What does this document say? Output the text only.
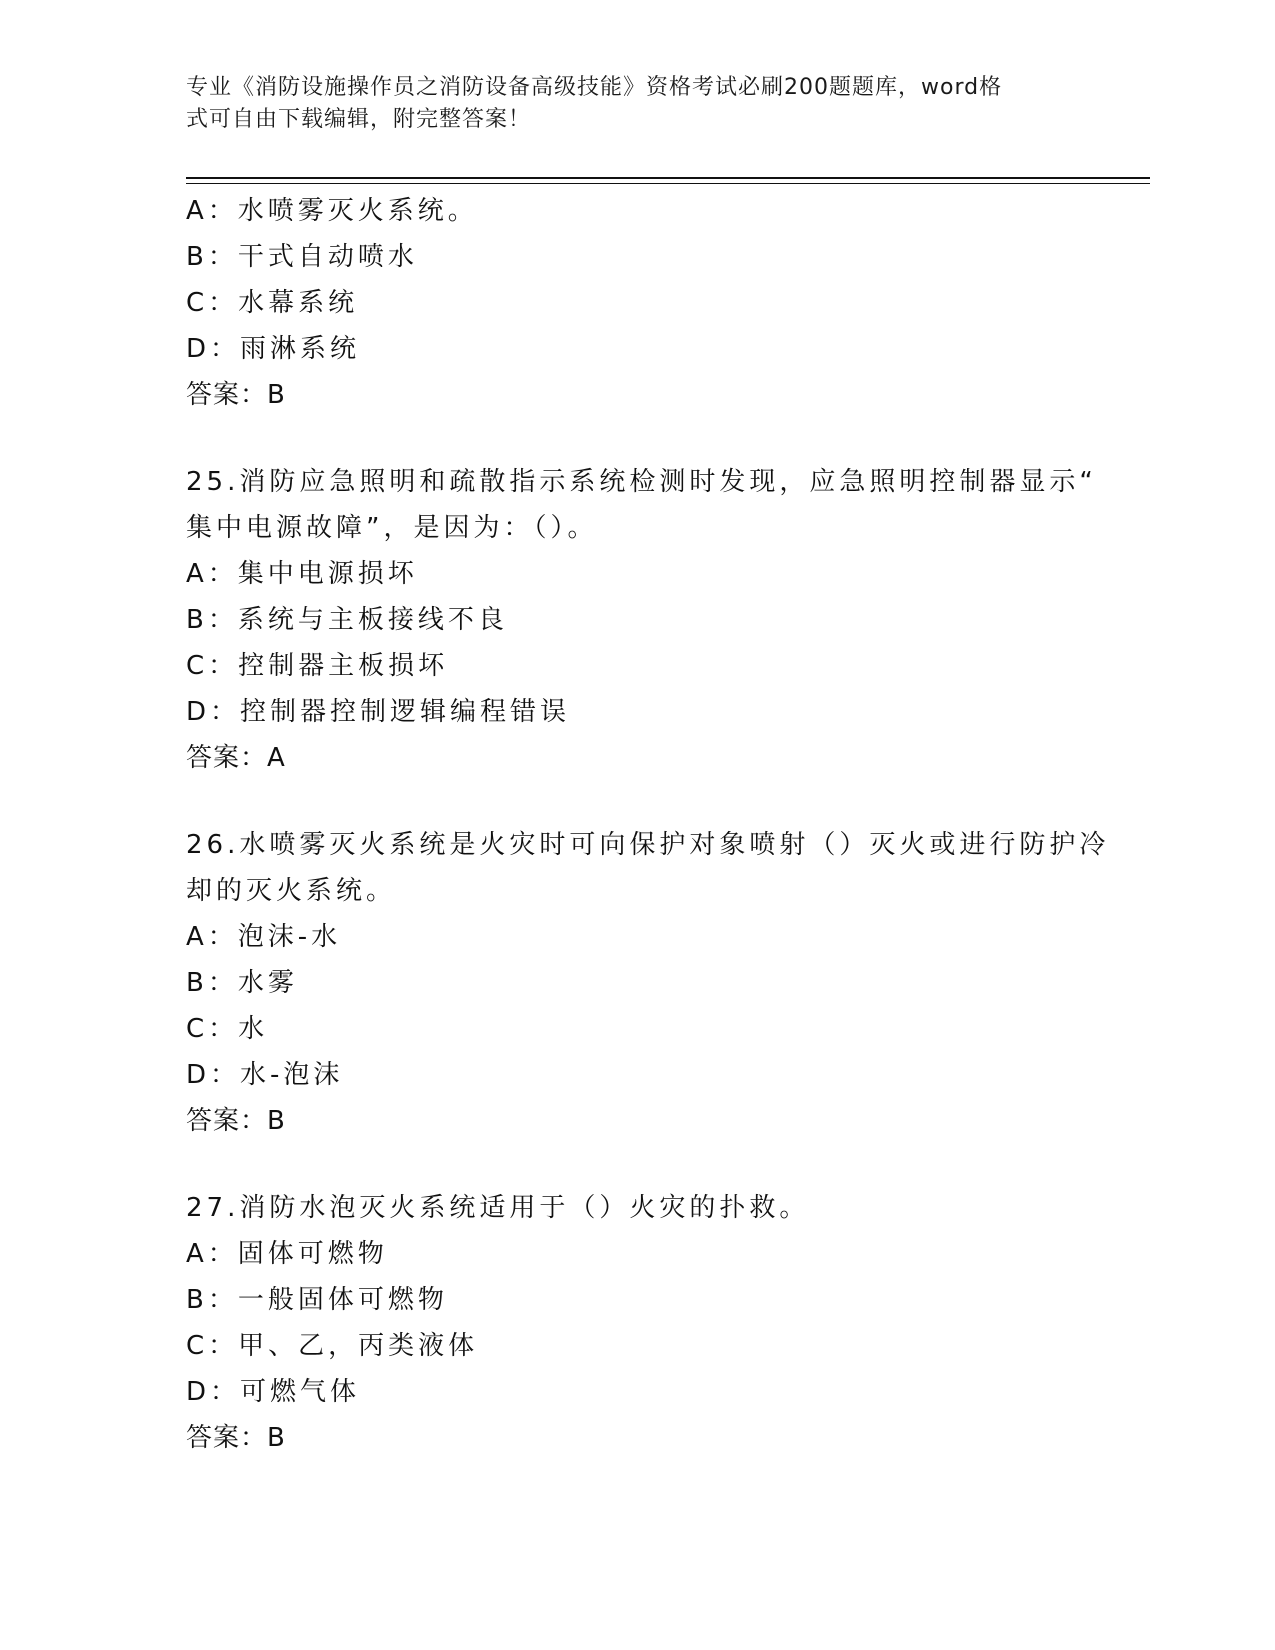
专业《消防设施操作员之消防设备高级技能》资格考试必刷200题题库，word格
式可自由下载编辑，附完整答案！
A：水喷雾灭火系统。
B：干式自动喷水
C：水幕系统
D：雨淋系统
答案：B
25.消防应急照明和疏散指示系统检测时发现，应急照明控制器显示“
集中电源故障”，是因为：（）。
A：集中电源损坏
B：系统与主板接线不良
C：控制器主板损坏
D：控制器控制逻辑编程错误
答案：A
26.水喷雾灭火系统是火灾时可向保护对象喷射（）灭火或进行防护冷
却的灭火系统。
A：泡沫-水
B：水雾
C：水
D：水-泡沫
答案：B
27.消防水泡灭火系统适用于（）火灾的扑救。
A：固体可燃物
B：一般固体可燃物
C：甲、乙，丙类液体
D：可燃气体
答案：B
